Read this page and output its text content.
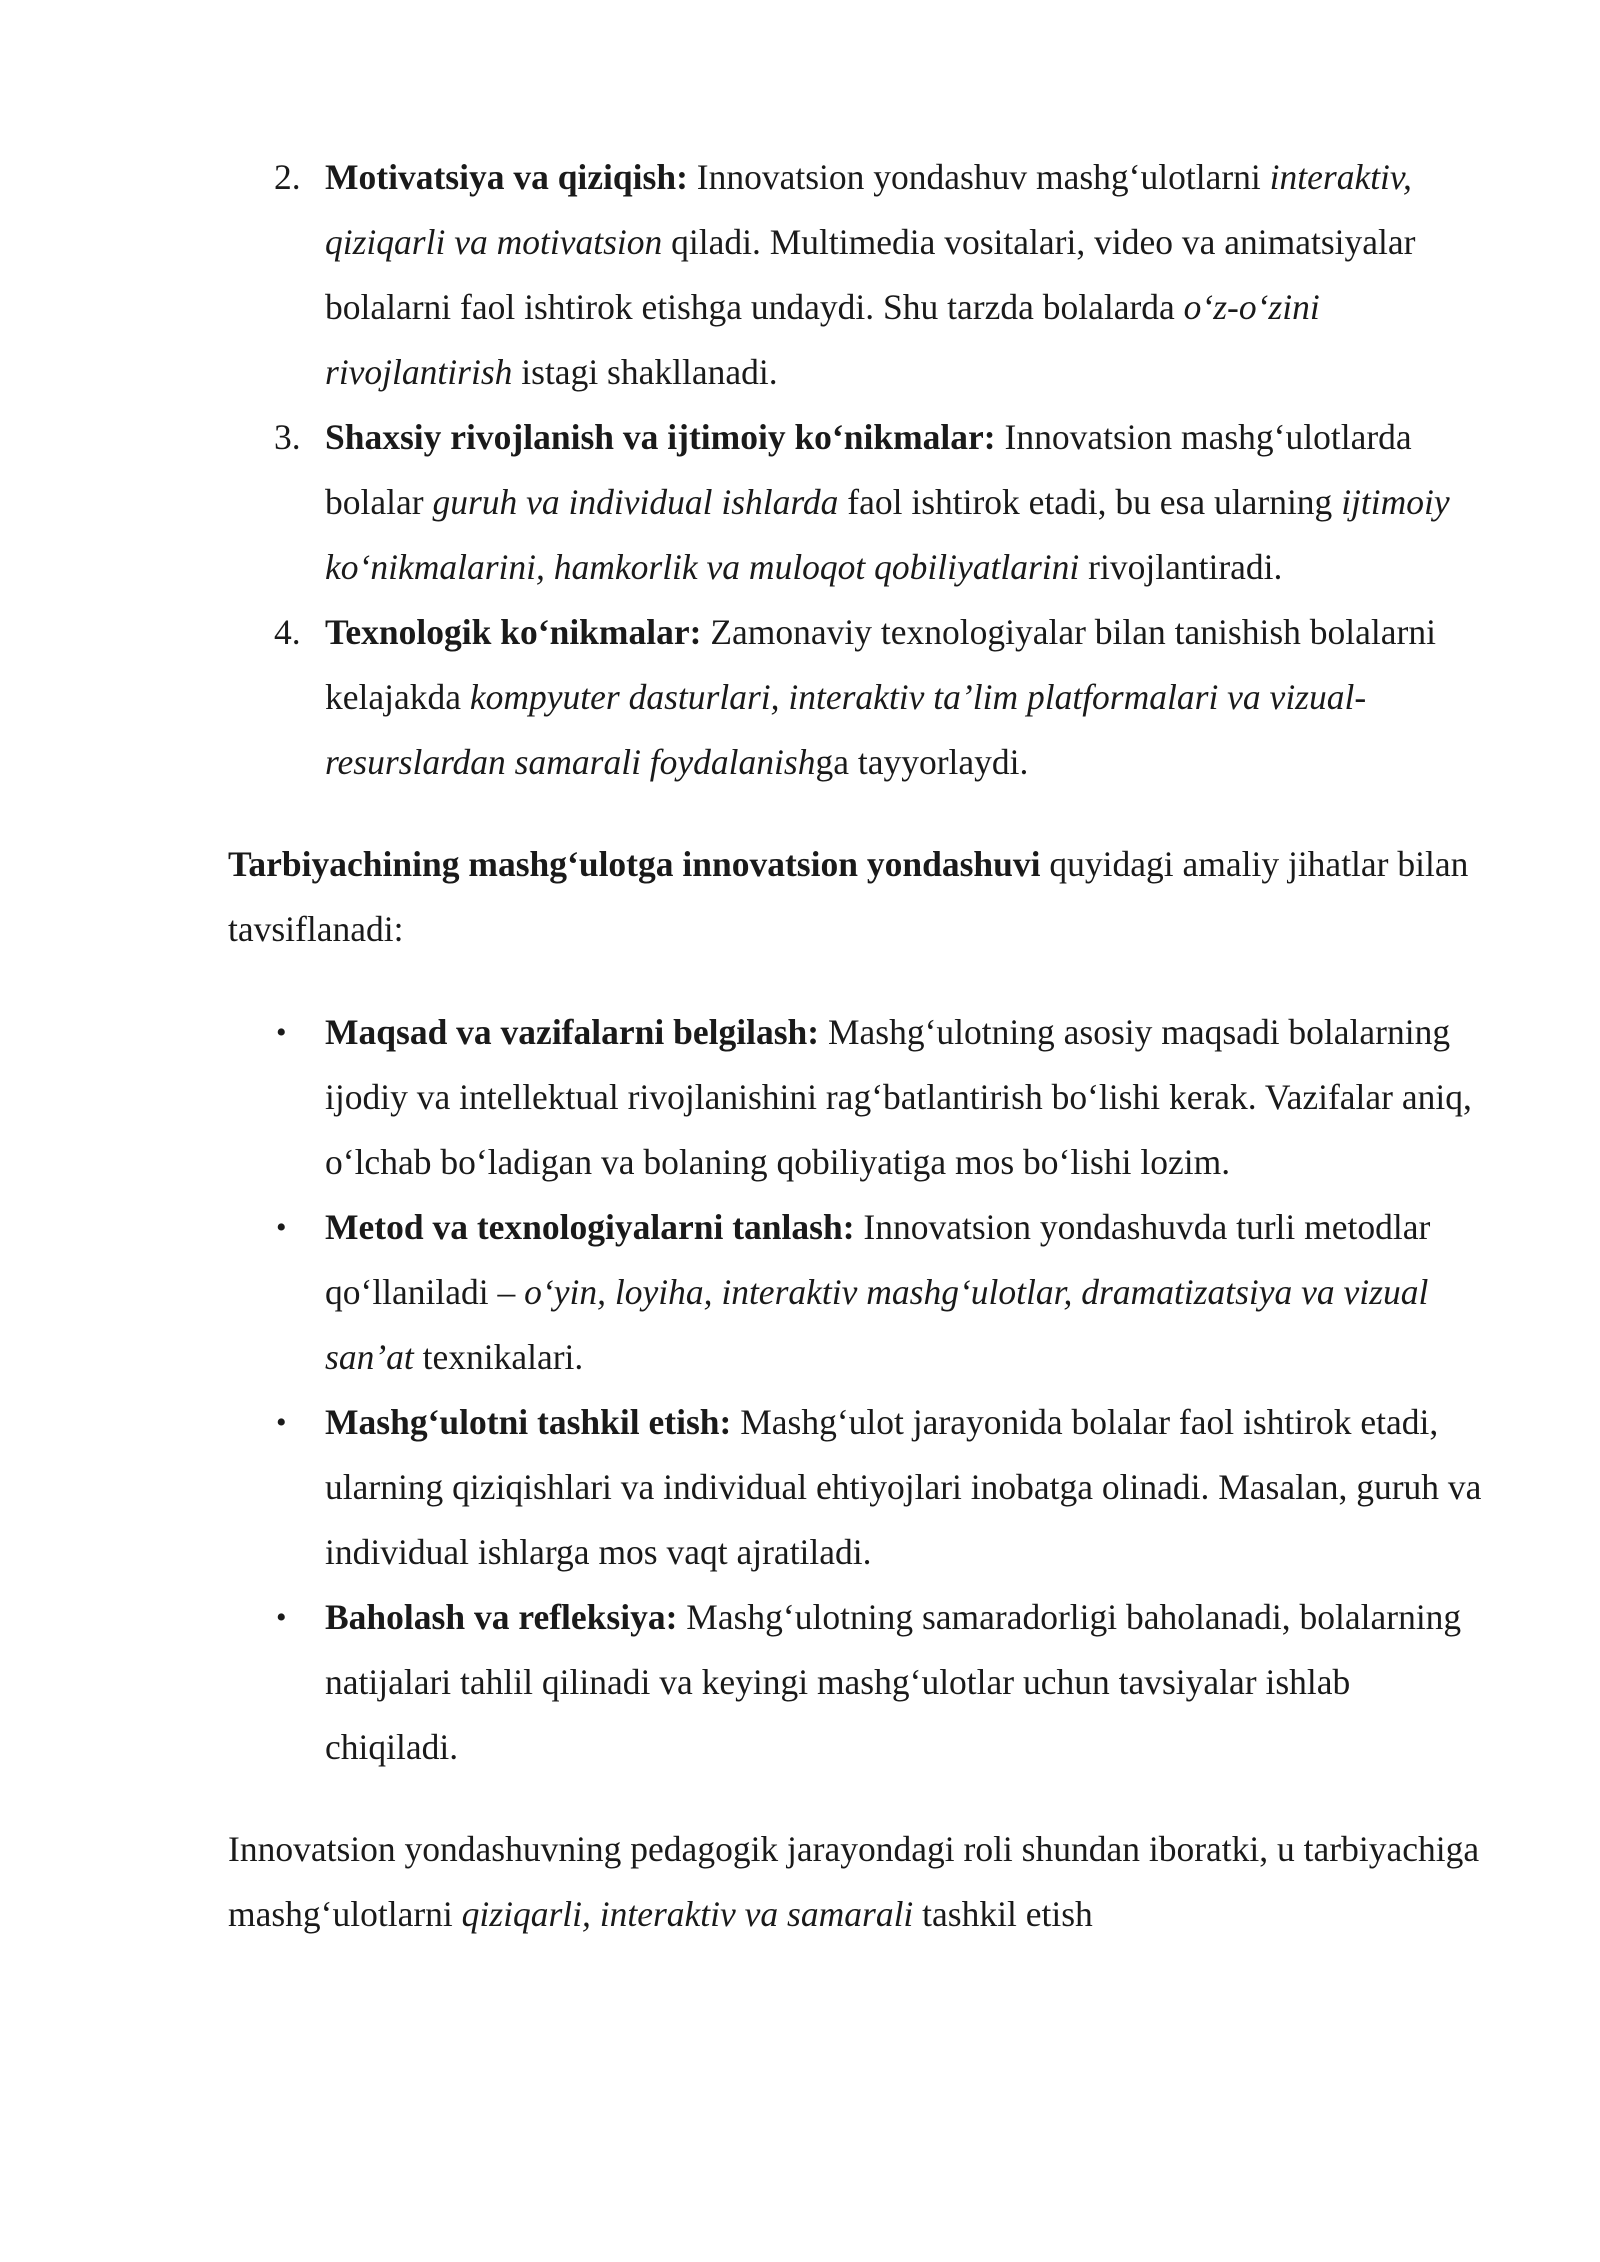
2. Motivatsiya va qiziqish: Innovatsion yondashuv mashg‘ulotlarni interaktiv, qiziqarli va motivatsion qiladi. Multimedia vositalari, video va animatsiyalar bolalarni faol ishtirok etishga undaydi. Shu tarzda bolalarda o‘z-o‘zini rivojlantirish istagi shakllanadi.
3. Shaxsiy rivojlanish va ijtimoiy ko‘nikmalar: Innovatsion mashg‘ulotlarda bolalar guruh va individual ishlarda faol ishtirok etadi, bu esa ularning ijtimoiy ko‘nikmalarini, hamkorlik va muloqot qobiliyatlarini rivojlantiradi.
4. Texnologik ko‘nikmalar: Zamonaviy texnologiyalar bilan tanishish bolalarni kelajakda kompyuter dasturlari, interaktiv ta’lim platformalari va vizual-resurslardan samarali foydalanishga tayyorlaydi.

Tarbiyachining mashg‘ulotga innovatsion yondashuvi quyidagi amaliy jihatlar bilan tavsiflanadi:

• Maqsad va vazifalarni belgilash: Mashg‘ulotning asosiy maqsadi bolalarning ijodiy va intellektual rivojlanishini rag‘batlantirish bo‘lishi kerak. Vazifalar aniq, o‘lchab bo‘ladigan va bolaning qobiliyatiga mos bo‘lishi lozim.
• Metod va texnologiyalarni tanlash: Innovatsion yondashuvda turli metodlar qo‘llaniladi – o‘yin, loyiha, interaktiv mashg‘ulotlar, dramatizatsiya va vizual san’at texnikalari.
• Mashg‘ulotni tashkil etish: Mashg‘ulot jarayonida bolalar faol ishtirok etadi, ularning qiziqishlari va individual ehtiyojlari inobatga olinadi. Masalan, guruh va individual ishlarga mos vaqt ajratiladi.
• Baholash va refleksiya: Mashg‘ulotning samaradorligi baholanadi, bolalarning natijalari tahlil qilinadi va keyingi mashg‘ulotlar uchun tavsiyalar ishlab chiqiladi.

Innovatsion yondashuvning pedagogik jarayondagi roli shundan iboratki, u tarbiyachiga mashg‘ulotlarni qiziqarli, interaktiv va samarali tashkil etish
